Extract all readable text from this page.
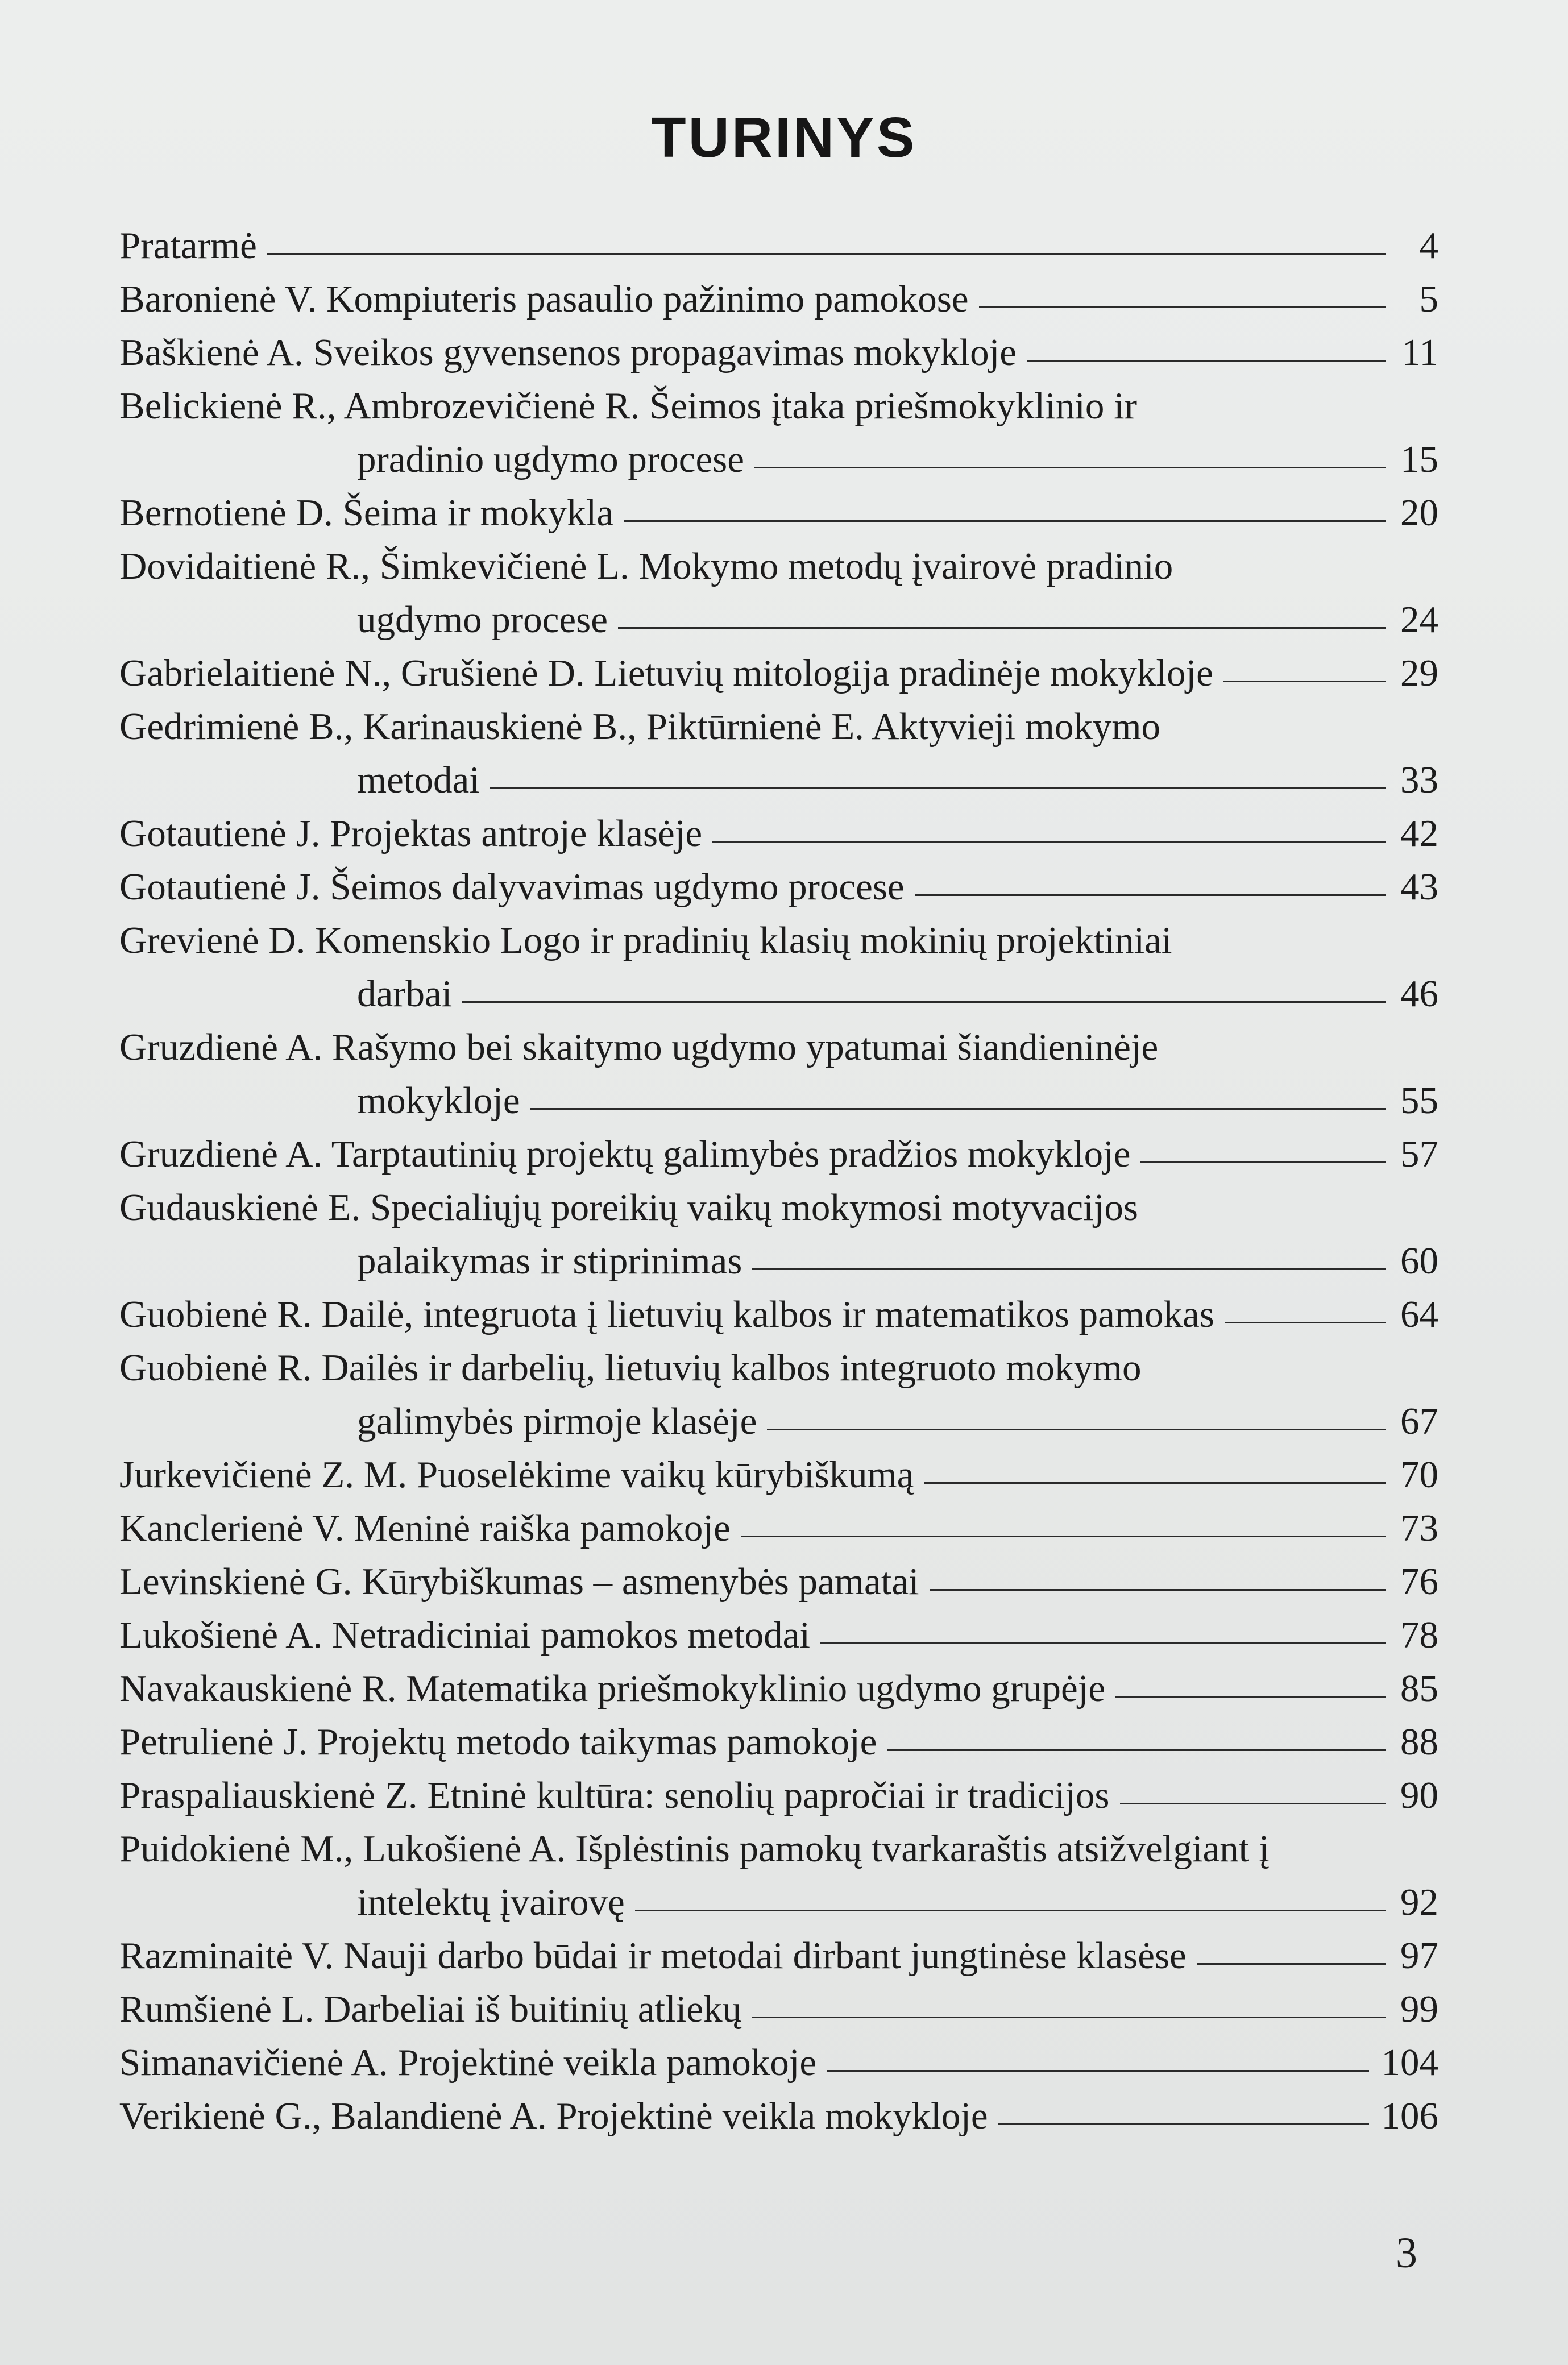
TURINYS
Pratarmė	4
Baronienė V. Kompiuteris pasaulio pažinimo pamokose	5
Baškienė A. Sveikos gyvensenos propagavimas mokykloje	11
Belickienė R., Ambrozevičienė R. Šeimos įtaka priešmokyklinio ir
pradinio ugdymo procese	15
Bernotienė D. Šeima ir mokykla	20
Dovidaitienė R., Šimkevičienė L. Mokymo metodų įvairovė pradinio
ugdymo procese	24
Gabrielaitienė N., Grušienė D. Lietuvių mitologija pradinėje mokykloje	29
Gedrimienė B., Karinauskienė B., Piktūrnienė E. Aktyvieji mokymo
metodai	33
Gotautienė J. Projektas antroje klasėje	42
Gotautienė J. Šeimos dalyvavimas ugdymo procese	43
Grevienė D. Komenskio Logo ir pradinių klasių mokinių projektiniai
darbai	46
Gruzdienė A. Rašymo bei skaitymo ugdymo ypatumai šiandieninėje
mokykloje	55
Gruzdienė A. Tarptautinių projektų galimybės pradžios mokykloje	57
Gudauskienė E. Specialiųjų poreikių vaikų mokymosi motyvacijos
palaikymas ir stiprinimas	60
Guobienė R. Dailė, integruota į lietuvių kalbos ir matematikos pamokas	64
Guobienė R. Dailės ir darbelių, lietuvių kalbos integruoto mokymo
galimybės pirmoje klasėje	67
Jurkevičienė Z. M. Puoselėkime vaikų kūrybiškumą	70
Kanclerienė V. Meninė raiška pamokoje	73
Levinskienė G. Kūrybiškumas – asmenybės pamatai	76
Lukošienė A. Netradiciniai pamokos metodai	78
Navakauskienė R. Matematika priešmokyklinio ugdymo grupėje	85
Petrulienė J. Projektų metodo taikymas pamokoje	88
Praspaliauskienė Z. Etninė kultūra: senolių papročiai ir tradicijos	90
Puidokienė M., Lukošienė A. Išplėstinis pamokų tvarkaraštis atsižvelgiant į
intelektų įvairovę	92
Razminaitė V. Nauji darbo būdai ir metodai dirbant jungtinėse klasėse	97
Rumšienė L. Darbeliai iš buitinių atliekų	99
Simanavičienė A. Projektinė veikla pamokoje	104
Verikienė G., Balandienė A. Projektinė veikla mokykloje	106
3
